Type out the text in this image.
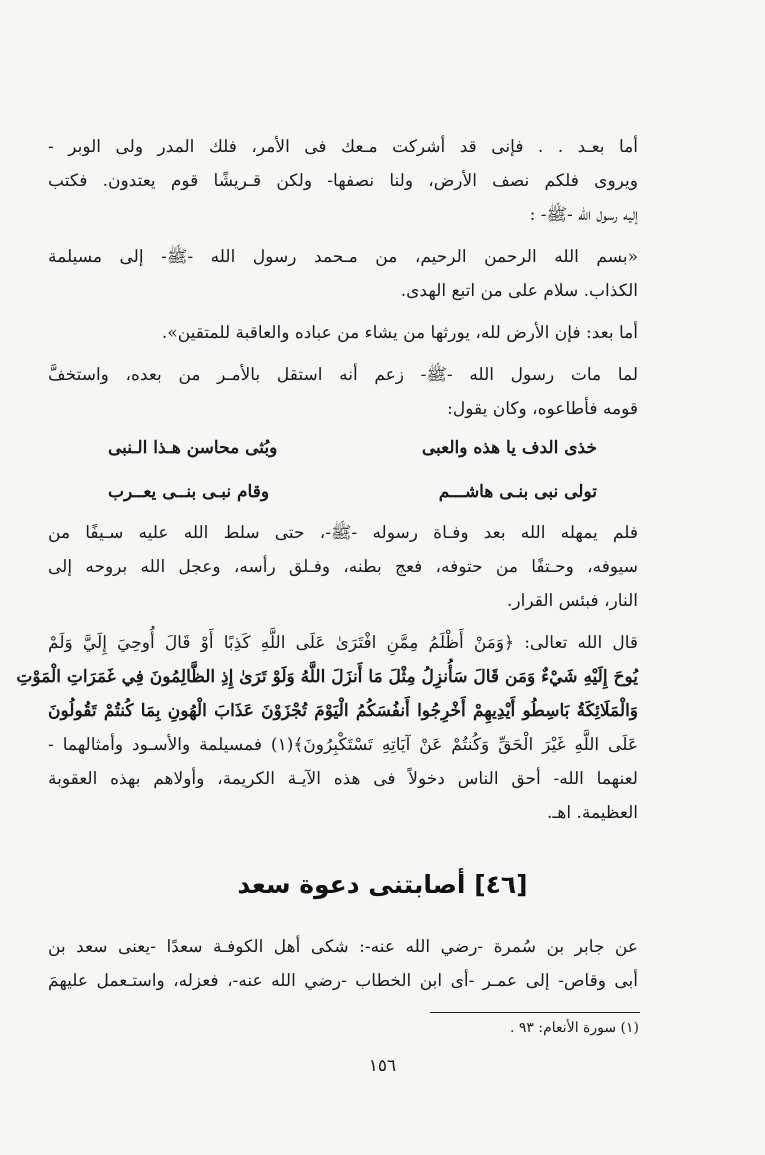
أما بعـد . . فإنى قد أشركت مـعك فى الأمر، فلك المدر ولى الوبر -
ويروى فلكم نصف الأرض، ولنا نصفها- ولكن قـريشًا قوم يعتدون. فكتب
إليه رسول الله -ﷺ- :
«بسم الله الرحمن الرحيم، من مـحمد رسول الله -ﷺ- إلى مسيلمة
الكذاب. سلام على من اتبع الهدى.
أما بعد: فإن الأرض لله، يورثها من يشاء من عباده والعاقبة للمتقين».
لما مات رسول الله -ﷺ- زعم أنه استقل بالأمـر من بعده، واستخفَّ
قومه فأطاعوه، وكان يقول:
خذى الدف يا هذه والعبى
وبُثى محاسن هـذا الـنبى
تولى نبى بنـى هاشـــم
وقام نبـى بنــى يعــرب
فلم يمهله الله بعد وفـاة رسوله -ﷺ-، حتى سلط الله عليه سـيفًا من
سيوفه، وحـتفًا من حتوفه، فعج بطنه، وفـلق رأسه، وعجل الله بروحه إلى
النار، فبئس القرار.
قال الله تعالى: ﴿وَمَنْ أَظْلَمُ مِمَّنِ افْتَرَىٰ عَلَى اللَّهِ كَذِبًا أَوْ قَالَ أُوحِيَ إِلَيَّ وَلَمْ
يُوحَ إِلَيْهِ شَيْءٌ وَمَن قَالَ سَأُنزِلُ مِثْلَ مَا أَنزَلَ اللَّهُ وَلَوْ تَرَىٰ إِذِ الظَّالِمُونَ فِي غَمَرَاتِ الْمَوْتِ
وَالْمَلَائِكَةُ بَاسِطُو أَيْدِيهِمْ أَخْرِجُوا أَنفُسَكُمُ الْيَوْمَ تُجْزَوْنَ عَذَابَ الْهُونِ بِمَا كُنتُمْ تَقُولُونَ
عَلَى اللَّهِ غَيْرَ الْحَقِّ وَكُنتُمْ عَنْ آيَاتِهِ تَسْتَكْبِرُونَ﴾(١) فمسيلمة والأسـود وأمثالهما -
لعنهما الله- أحق الناس دخولاً فى هذه الآيـة الكريمة، وأولاهم بهذه العقوبة
العظيمة. اهـ.
[٤٦] أصابتنى دعوة سعد
عن جابر بن سُمرة -رضي الله عنه-: شكى أهل الكوفـة سعدًا -يعنى سعد بن
أبى وقاص- إلى عمـر -أى ابن الخطاب -رضي الله عنه-، فعزله، واستـعمل عليهمَ
(١) سورة الأنعام: ٩٣ .
١٥٦
